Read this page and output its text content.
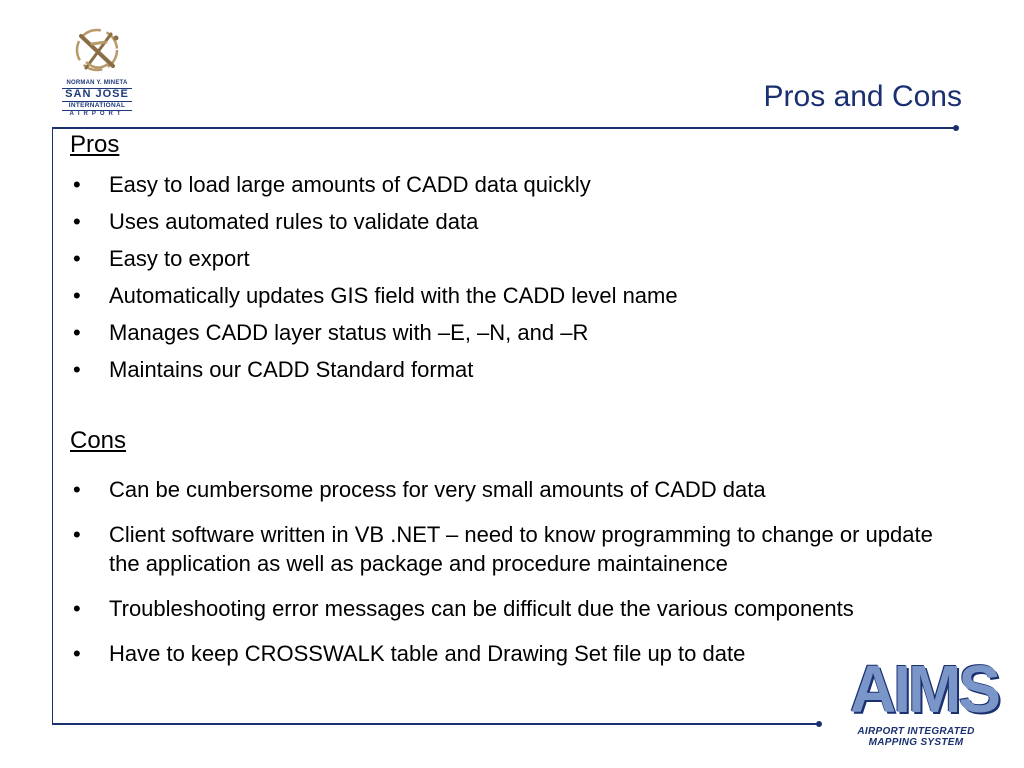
NORMAN Y. MINETA
SAN JOSE
INTERNATIONAL
AIRPORT
Pros and Cons
Pros
• Easy to load large amounts of CADD data quickly
• Uses automated rules to validate data
• Easy to export
• Automatically updates GIS field with the CADD level name
• Manages CADD layer status with –E, –N, and –R
• Maintains our CADD Standard format
Cons
• Can be cumbersome process for very small amounts of CADD data
• Client software written in VB .NET – need to know programming to change or update the application as well as package and procedure maintainence
• Troubleshooting error messages can be difficult due the various components
• Have to keep CROSSWALK table and Drawing Set file up to date	AIMS
AIRPORT INTEGRATED
MAPPING SYSTEM
